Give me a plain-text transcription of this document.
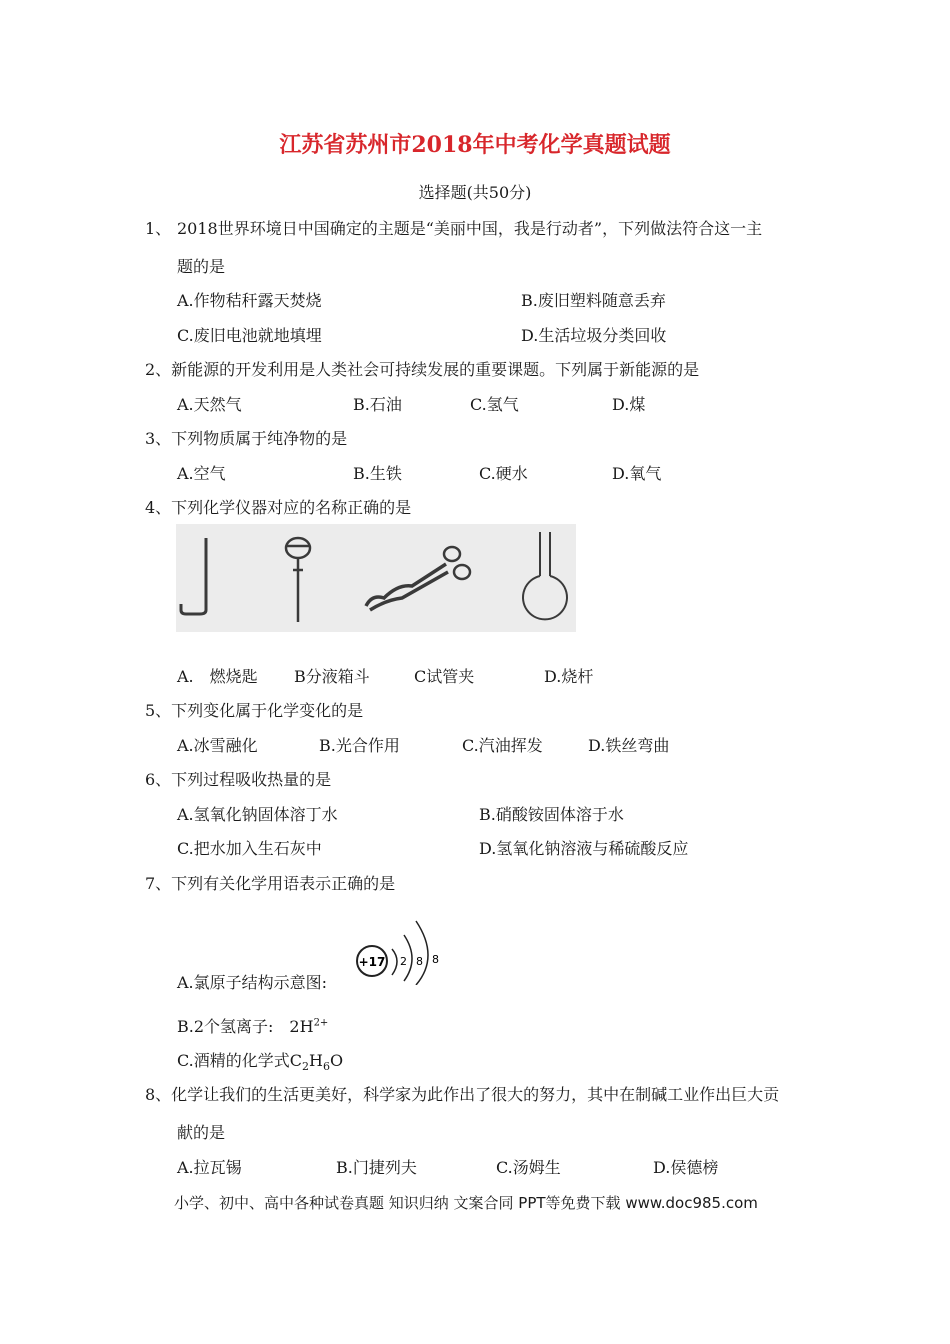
江苏省苏州市2018年中考化学真题试题
选择题(共50分)
1、 2018世界环境日中国确定的主题是“美丽中国，我是行动者”，下列做法符合这一主
题的是
A.作物秸秆露天焚烧	B.废旧塑料随意丢弃
C.废旧电池就地填埋	D.生活垃圾分类回收
2、新能源的开发利用是人类社会可持续发展的重要课题。下列属于新能源的是
A.天然气	B.石油	C.氢气	D.煤
3、下列物质属于纯净物的是
A.空气	B.生铁	C.硬水	D.氧气
4、下列化学仪器对应的名称正确的是
A.　燃烧匙 B分液箱斗	C试管夹	D.烧杆
5、下列变化属于化学变化的是
A.冰雪融化	B.光合作用	C.汽油挥发	D.铁丝弯曲
6、下列过程吸收热量的是
A.氢氧化钠固体溶丁水	B.硝酸铵固体溶于水
C.把水加入生石灰中	D.氢氧化钠溶液与稀硫酸反应
7、下列有关化学用语表示正确的是
A.氯原子结构示意图:
+17 2 8 8
B.2个氢离子:　$2H^{2+}$
C.酒精的化学式$C_2H_6O$
8、化学让我们的生活更美好，科学家为此作出了很大的努力，其中在制碱工业作出巨大贡
献的是
A.拉瓦锡	B.门捷列夫	C.汤姆生	D.侯德榜
小学、初中、高中各种试卷真题 知识归纳 文案合同 PPT等免费下载 www.doc985.com
